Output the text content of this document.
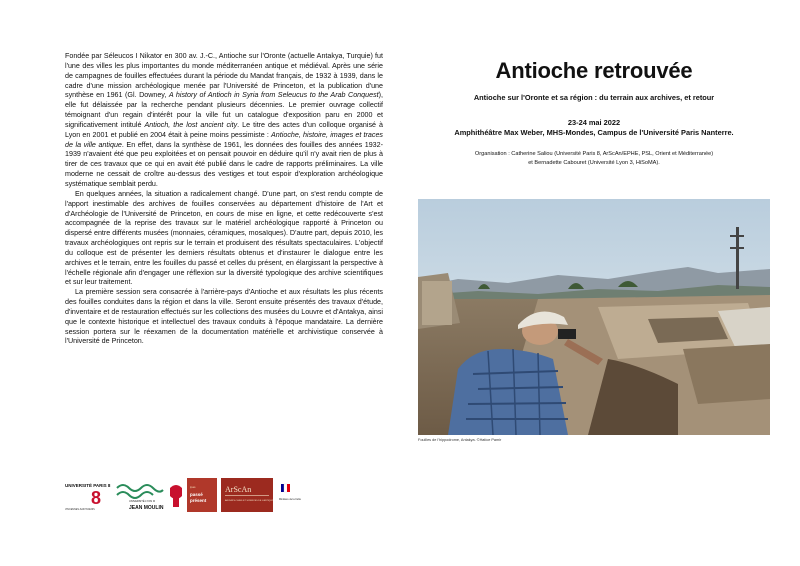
Fondée par Séleucos I Nikator en 300 av. J.-C., Antioche sur l'Oronte (actuelle Antakya, Turquie) fut l'une des villes les plus importantes du monde méditerranéen antique et médiéval. Après une série de campagnes de fouilles effectuées durant la période du Mandat français, de 1932 à 1939, dans le cadre d'une mission archéologique menée par l'Université de Princeton, et la publication d'une synthèse en 1961 (Gl. Downey, A history of Antioch in Syria from Seleucus to the Arab Conquest), elle fut délaissée par la recherche pendant plusieurs décennies. Le premier ouvrage collectif témoignant d'un regain d'intérêt pour la ville fut un catalogue d'exposition paru en 2000 et significativement intitulé Antioch, the lost ancient city. Le titre des actes d'un colloque organisé à Lyon en 2001 et publié en 2004 était à peine moins pessimiste : Antioche, histoire, images et traces de la ville antique. En effet, dans la synthèse de 1961, les données des fouilles des années 1932-1939 n'avaient été que peu exploitées et on pensait pouvoir en déduire qu'il n'y avait rien de plus à tirer de ces travaux que ce qui en avait été publié dans le cadre de rapports préliminaires. La ville moderne ne cessait de croître au-dessus des vestiges et tout espoir d'exploration archéologique systématique semblait perdu.

En quelques années, la situation a radicalement changé. D'une part, on s'est rendu compte de l'apport inestimable des archives de fouilles conservées au département d'histoire de l'Art et d'Archéologie de l'Université de Princeton, en cours de mise en ligne, et cette redécouverte s'est accompagnée de la reprise des travaux sur le matériel archéologique rapporté à Princeton ou dispersé entre différents musées (monnaies, céramiques, mosaïques). D'autre part, depuis 2010, les travaux archéologiques ont repris sur le terrain et produisent des résultats spectaculaires. L'objectif du colloque est de présenter les derniers résultats obtenus et d'instaurer le dialogue entre les archives et le terrain, entre les fouilles du passé et celles du présent, en élargissant la perspective à l'échelle régionale afin d'engager une réflexion sur la diversité typologique des archive scientifiques et sur leur traitement.

La première session sera consacrée à l'arrière-pays d'Antioche et aux résultats les plus récents des fouilles conduites dans la région et dans la ville. Seront ensuite présentés des travaux d'étude, d'inventaire et de restauration effectués sur les collections des musées du Louvre et d'Antakya, ainsi que le contexte historique et intellectuel des travaux conduits à l'époque mandataire. La dernière session portera sur le réexamen de la documentation matérielle et archivistique conservée à l'Université de Princeton.

Antioche retrouvée

Antioche sur l'Oronte et sa région : du terrain aux archives, et retour

23-24 mai 2022

Amphithéâtre Max Weber, MHS-Mondes, Campus de l'Université Paris Nanterre.

Organisation : Catherine Saliou (Université Paris 8, ArScAn/EPHE, PSL, Orient et Méditerranée)
et Bernadette Cabouret (Université Lyon 3, HiSoMA).

Fouilles de l'hippodrome, Antakya. ©Hatice Pamir
UNIVERSITÉ PARIS 8
8
VINCENNES-SAINT-DENIS
UNIVERSITÉ LYON III
JEAN MOULIN
ipas
passé
présent
ArScAn
ARCHÉOLOGIES ET SCIENCES DE L'ANTIQUITÉ Ministère de la Culture
